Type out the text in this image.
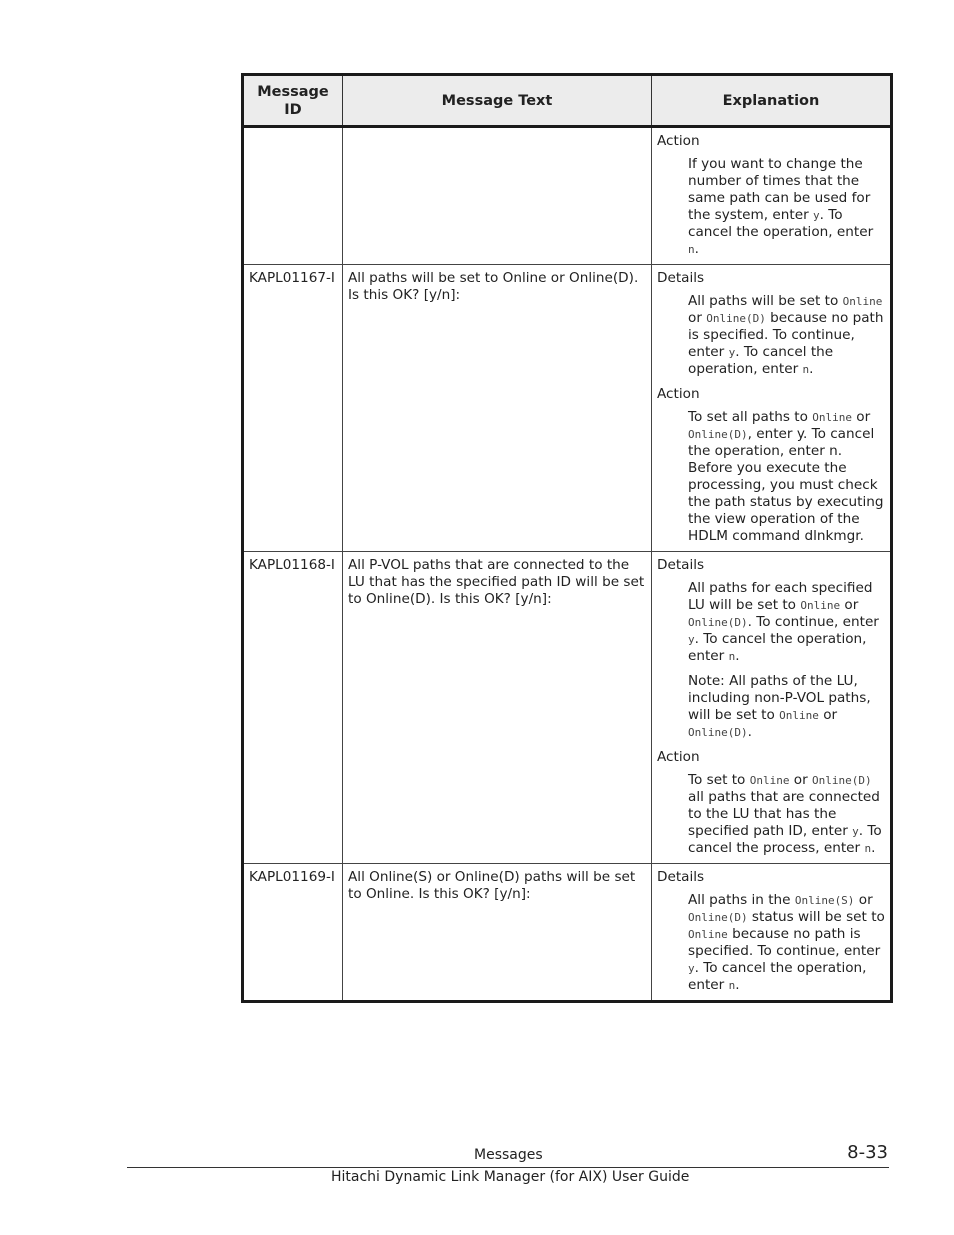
Message ID	Message Text	Explanation

		Action
If you want to change the number of times that the same path can be used for the system, enter y. To cancel the operation, enter n.

KAPL01167-I	All paths will be set to Online or Online(D). Is this OK? [y/n]:	Details
All paths will be set to Online or Online(D) because no path is specified. To continue, enter y. To cancel the operation, enter n.
Action
To set all paths to Online or Online(D), enter y. To cancel the operation, enter n. Before you execute the processing, you must check the path status by executing the view operation of the HDLM command dlnkmgr.

KAPL01168-I	All P-VOL paths that are connected to the LU that has the specified path ID will be set to Online(D). Is this OK? [y/n]:	Details
All paths for each specified LU will be set to Online or Online(D). To continue, enter y. To cancel the operation, enter n.
Note: All paths of the LU, including non-P-VOL paths, will be set to Online or Online(D).
Action
To set to Online or Online(D) all paths that are connected to the LU that has the specified path ID, enter y. To cancel the process, enter n.

KAPL01169-I	All Online(S) or Online(D) paths will be set to Online. Is this OK? [y/n]:	Details
All paths in the Online(S) or Online(D) status will be set to Online because no path is specified. To continue, enter y. To cancel the operation, enter n.
Messages	8-33
Hitachi Dynamic Link Manager (for AIX) User Guide
